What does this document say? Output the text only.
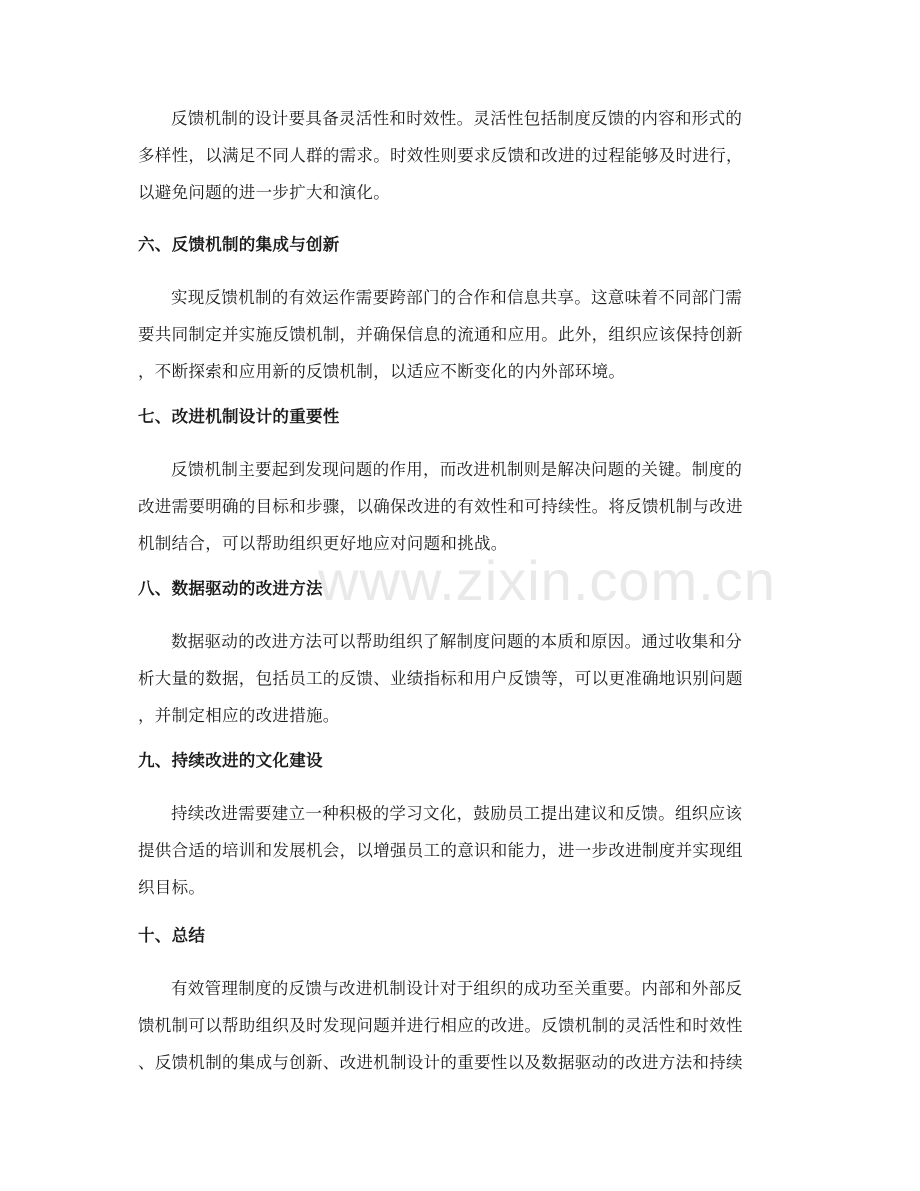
www.zixin.com.cn

反馈机制的设计要具备灵活性和时效性。灵活性包括制度反馈的内容和形式的

多样性，以满足不同人群的需求。时效性则要求反馈和改进的过程能够及时进行，

以避免问题的进一步扩大和演化。

六、反馈机制的集成与创新

实现反馈机制的有效运作需要跨部门的合作和信息共享。这意味着不同部门需

要共同制定并实施反馈机制，并确保信息的流通和应用。此外，组织应该保持创新

，不断探索和应用新的反馈机制，以适应不断变化的内外部环境。

七、改进机制设计的重要性

反馈机制主要起到发现问题的作用，而改进机制则是解决问题的关键。制度的

改进需要明确的目标和步骤，以确保改进的有效性和可持续性。将反馈机制与改进

机制结合，可以帮助组织更好地应对问题和挑战。

八、数据驱动的改进方法

数据驱动的改进方法可以帮助组织了解制度问题的本质和原因。通过收集和分

析大量的数据，包括员工的反馈、业绩指标和用户反馈等，可以更准确地识别问题

，并制定相应的改进措施。

九、持续改进的文化建设

持续改进需要建立一种积极的学习文化，鼓励员工提出建议和反馈。组织应该

提供合适的培训和发展机会，以增强员工的意识和能力，进一步改进制度并实现组

织目标。

十、总结

有效管理制度的反馈与改进机制设计对于组织的成功至关重要。内部和外部反

馈机制可以帮助组织及时发现问题并进行相应的改进。反馈机制的灵活性和时效性

、反馈机制的集成与创新、改进机制设计的重要性以及数据驱动的改进方法和持续
